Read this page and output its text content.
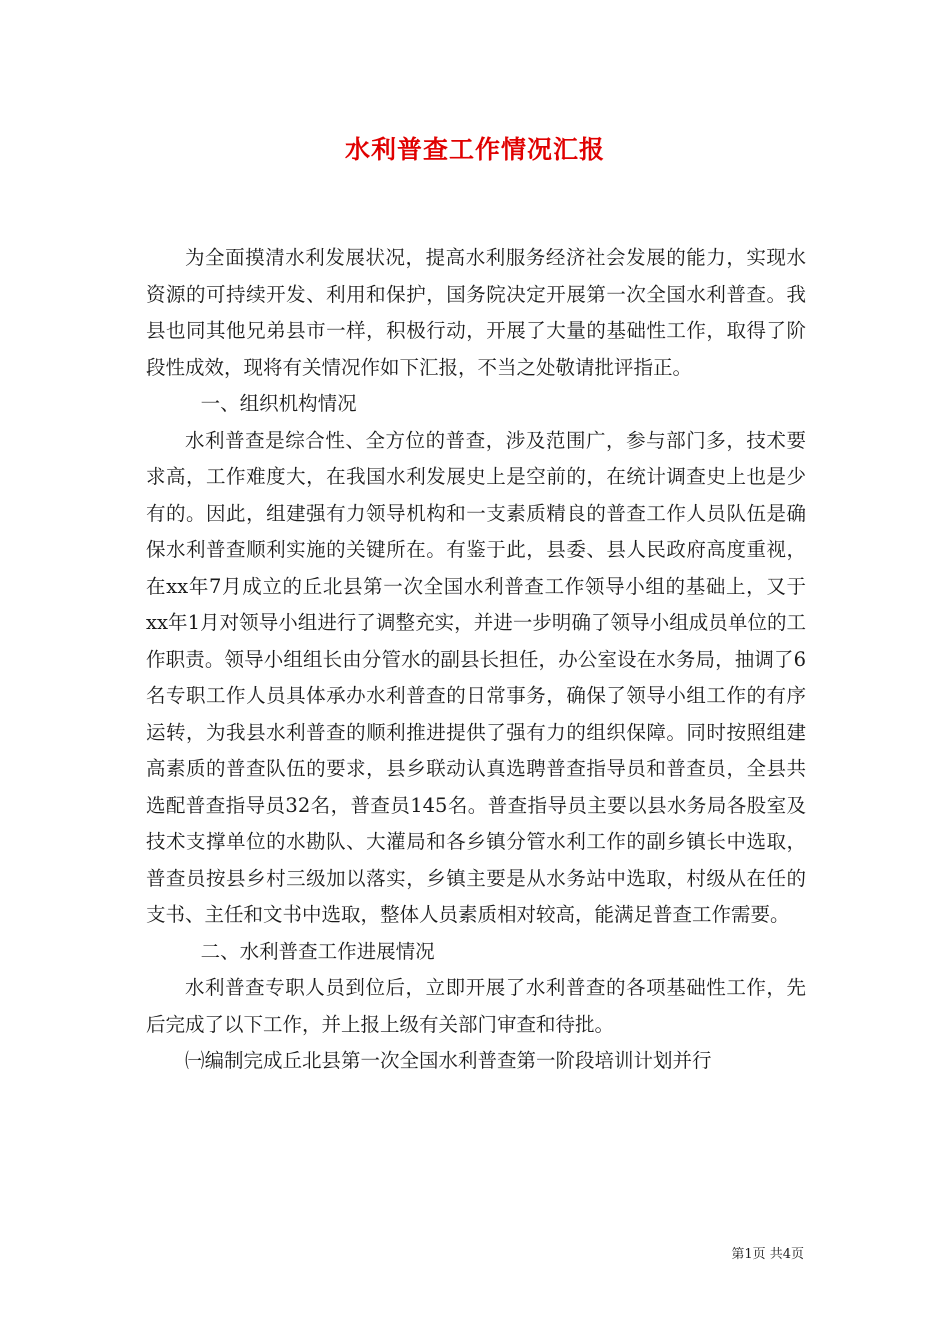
水利普查工作情况汇报

为全面摸清水利发展状况，提高水利服务经济社会发展的能力，实现水资源的可持续开发、利用和保护，国务院决定开展第一次全国水利普查。我县也同其他兄弟县市一样，积极行动，开展了大量的基础性工作，取得了阶段性成效，现将有关情况作如下汇报，不当之处敬请批评指正。

一、组织机构情况

水利普查是综合性、全方位的普查，涉及范围广，参与部门多，技术要求高，工作难度大，在我国水利发展史上是空前的，在统计调查史上也是少有的。因此，组建强有力领导机构和一支素质精良的普查工作人员队伍是确保水利普查顺利实施的关键所在。有鉴于此，县委、县人民政府高度重视，在xx年7月成立的丘北县第一次全国水利普查工作领导小组的基础上，又于xx年1月对领导小组进行了调整充实，并进一步明确了领导小组成员单位的工作职责。领导小组组长由分管水的副县长担任，办公室设在水务局，抽调了6名专职工作人员具体承办水利普查的日常事务，确保了领导小组工作的有序运转，为我县水利普查的顺利推进提供了强有力的组织保障。同时按照组建高素质的普查队伍的要求，县乡联动认真选聘普查指导员和普查员，全县共选配普查指导员32名，普查员145名。普查指导员主要以县水务局各股室及技术支撑单位的水勘队、大灌局和各乡镇分管水利工作的副乡镇长中选取，普查员按县乡村三级加以落实，乡镇主要是从水务站中选取，村级从在任的支书、主任和文书中选取，整体人员素质相对较高，能满足普查工作需要。

二、水利普查工作进展情况

水利普查专职人员到位后，立即开展了水利普查的各项基础性工作，先后完成了以下工作，并上报上级有关部门审查和待批。

㈠编制完成丘北县第一次全国水利普查第一阶段培训计划并行

第1页 共4页
